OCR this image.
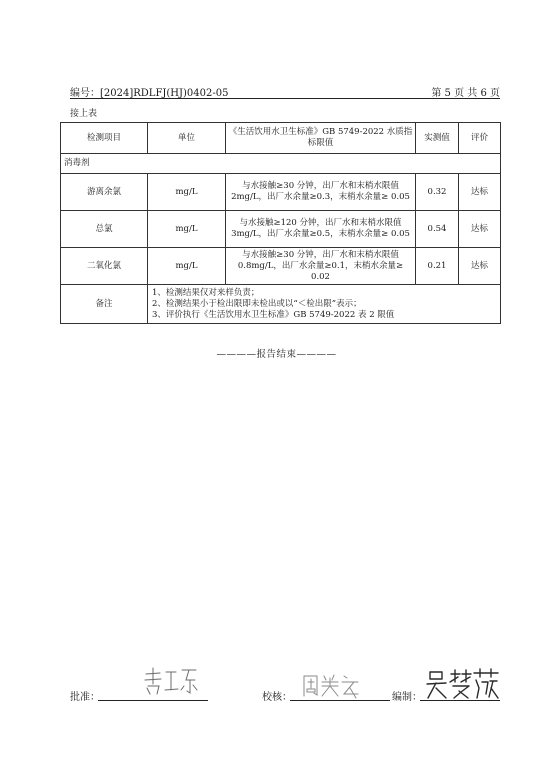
编号：[2024]RDLFJ(HJ)0402-05	第 5 页 共 6 页
接上表
检测项目	单位	《生活饮用水卫生标准》GB 5749-2022 水质指标限值	实测值	评价
消毒剂				
游离余氯	mg/L	与水接触≥30 分钟，出厂水和末梢水限值 2mg/L，出厂水余量≥0.3，末梢水余量≥ 0.05	0.32	达标
总氯	mg/L	与水接触≥120 分钟，出厂水和末梢水限值 3mg/L，出厂水余量≥0.5，末梢水余量≥ 0.05	0.54	达标
二氧化氯	mg/L	与水接触≥30 分钟，出厂水和末梢水限值 0.8mg/L，出厂水余量≥0.1，末梢水余量≥ 0.02	0.21	达标
备注	1、检测结果仅对来样负责；
2、检测结果小于检出限即未检出或以“＜检出限”表示；
3、评价执行《生活饮用水卫生标准》GB 5749-2022 表 2 限值			
————报告结束————
批准：	校核：	编制：
